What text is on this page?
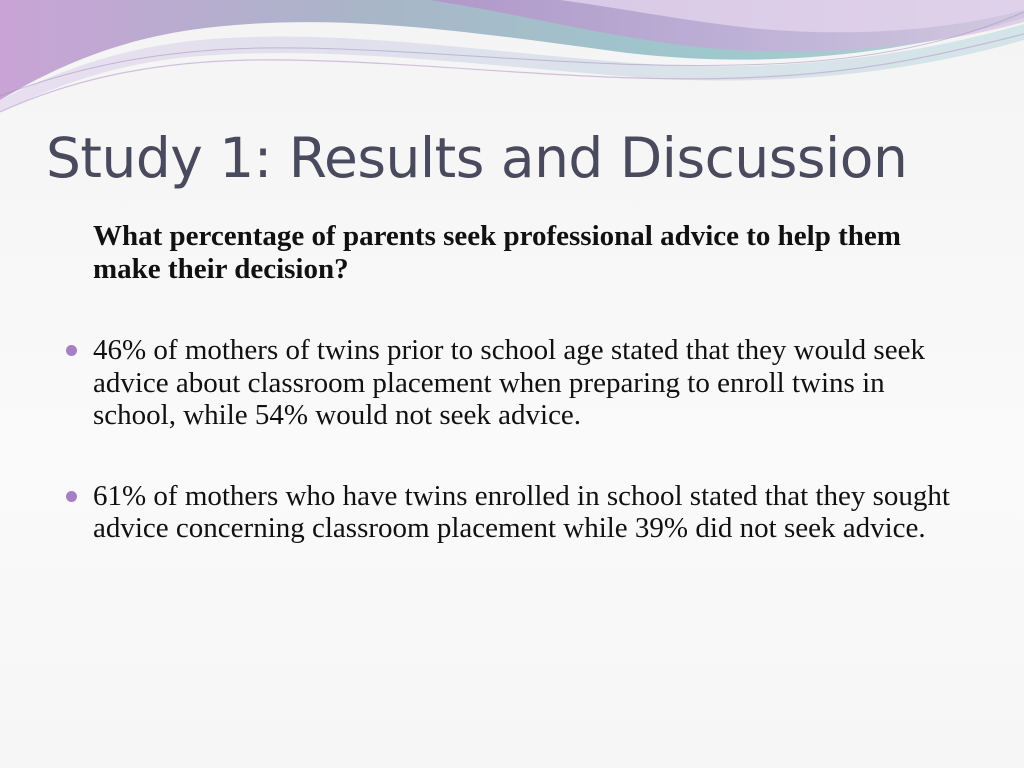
Study 1: Results and Discussion

What percentage of parents seek professional advice to help them make their decision?

46% of mothers of twins prior to school age stated that they would seek advice about classroom placement when preparing to enroll twins in school, while 54% would not seek advice.
61% of mothers who have twins enrolled in school stated that they sought advice concerning classroom placement while 39% did not seek advice.
